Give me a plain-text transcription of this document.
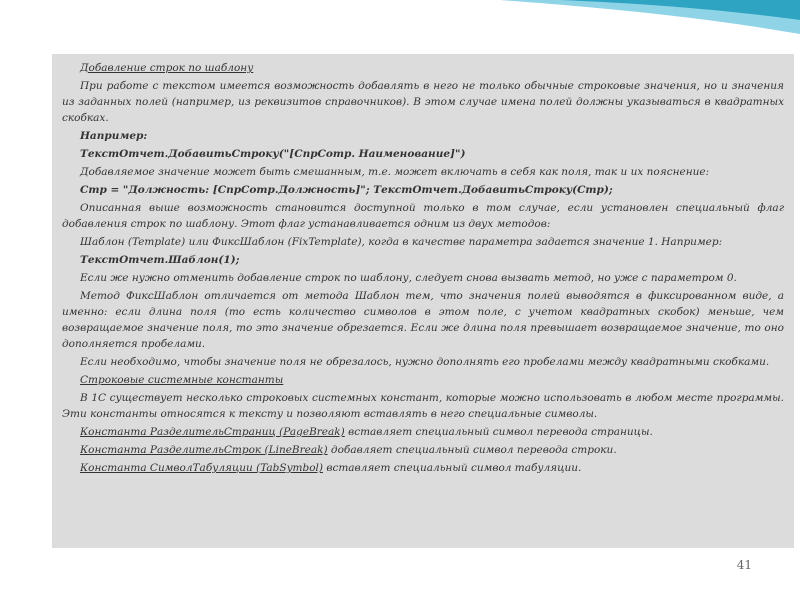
Добавление строк по шаблону

При работе с текстом имеется возможность добавлять в него не только обычные строковые значения, но и значения из заданных полей (например, из реквизитов справочников). В этом случае имена полей должны указываться в квадратных скобках.

Например:

ТекстОтчет.ДобавитьСтроку("[СпрСотр. Наименование]")

Добавляемое значение может быть смешанным, т.е. может включать в себя как поля, так и их пояснение:

Стр = "Должность: [СпрСотр.Должность]"; ТекстОтчет.ДобавитьСтроку(Стр);

Описанная выше возможность становится доступной только в том случае, если установлен специальный флаг добавления строк по шаблону. Этот флаг устанавливается одним из двух методов:

Шаблон (Template) или ФиксШаблон (FixTemplate), когда в качестве параметра задается значение 1. Например:

ТекстОтчет.Шаблон(1);

Если же нужно отменить добавление строк по шаблону, следует снова вызвать метод, но уже с параметром 0.

Метод ФиксШаблон отличается от метода Шаблон тем, что значения полей выводятся в фиксированном виде, а именно: если длина поля (то есть количество символов в этом поле, с учетом квадратных скобок) меньше, чем возвращаемое значение поля, то это значение обрезается. Если же длина поля превышает возвращаемое значение, то оно дополняется пробелами.

Если необходимо, чтобы значение поля не обрезалось, нужно дополнять его пробелами между квадратными скобками.

Строковые системные константы

В 1С существует несколько строковых системных констант, которые можно использовать в любом месте программы. Эти константы относятся к тексту и позволяют вставлять в него специальные символы.

Константа РазделительСтраниц (PageBreak) вставляет специальный символ перевода страницы.

Константа РазделительСтрок (LineBreak) добавляет специальный символ перевода строки.

Константа СимволТабуляции (TabSymbol) вставляет специальный символ табуляции.

41
